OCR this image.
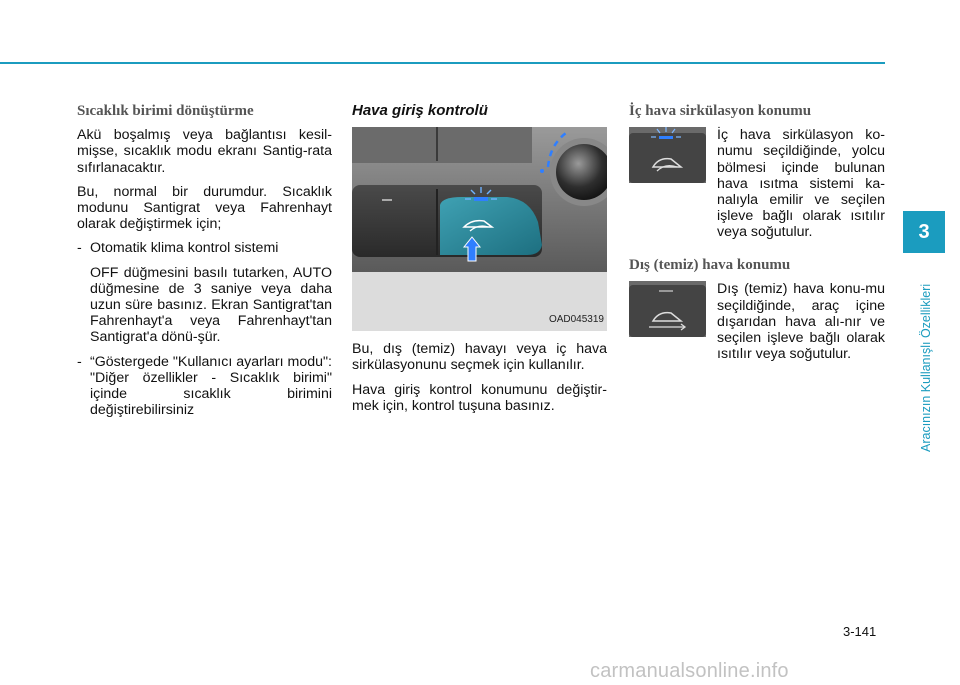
Sıcaklık birimi dönüştürme

Akü boşalmış veya bağlantısı kesil-mişse, sıcaklık modu ekranı Santig-rata sıfırlanacaktır.

Bu, normal bir durumdur. Sıcaklık modunu Santigrat veya Fahrenhayt olarak değiştirmek için;

- Otomatik klima kontrol sistemi

OFF düğmesini basılı tutarken, AUTO düğmesine de 3 saniye veya daha uzun süre basınız. Ekran Santigrat'tan Fahrenhayt'a veya Fahrenhayt'tan Santigrat'a dönü-şür.

- “Göstergede "Kullanıcı ayarları modu": "Diğer özellikler - Sıcaklık birimi" içinde sıcaklık birimini değiştirebilirsiniz
Hava giriş kontrolü
OAD045319

Bu, dış (temiz) havayı veya iç hava sirkülasyonunu seçmek için kullanılır.

Hava giriş kontrol konumunu değiştir-mek için, kontrol tuşuna basınız.

İç hava sirkülasyon konumu
İç hava sirkülasyon ko-numu seçildiğinde, yolcu bölmesi içinde bulunan hava ısıtma sistemi ka-nalıyla emilir ve seçilen işleve bağlı olarak ısıtılır veya soğutulur.
Dış (temiz) hava konumu
Dış (temiz) hava konu-mu seçildiğinde, araç içine dışarıdan hava alı-nır ve seçilen işleve bağlı olarak ısıtılır veya soğutulur.
3
Aracınızın Kullanışlı Özellikleri
3-141
carmanualsonline.info
